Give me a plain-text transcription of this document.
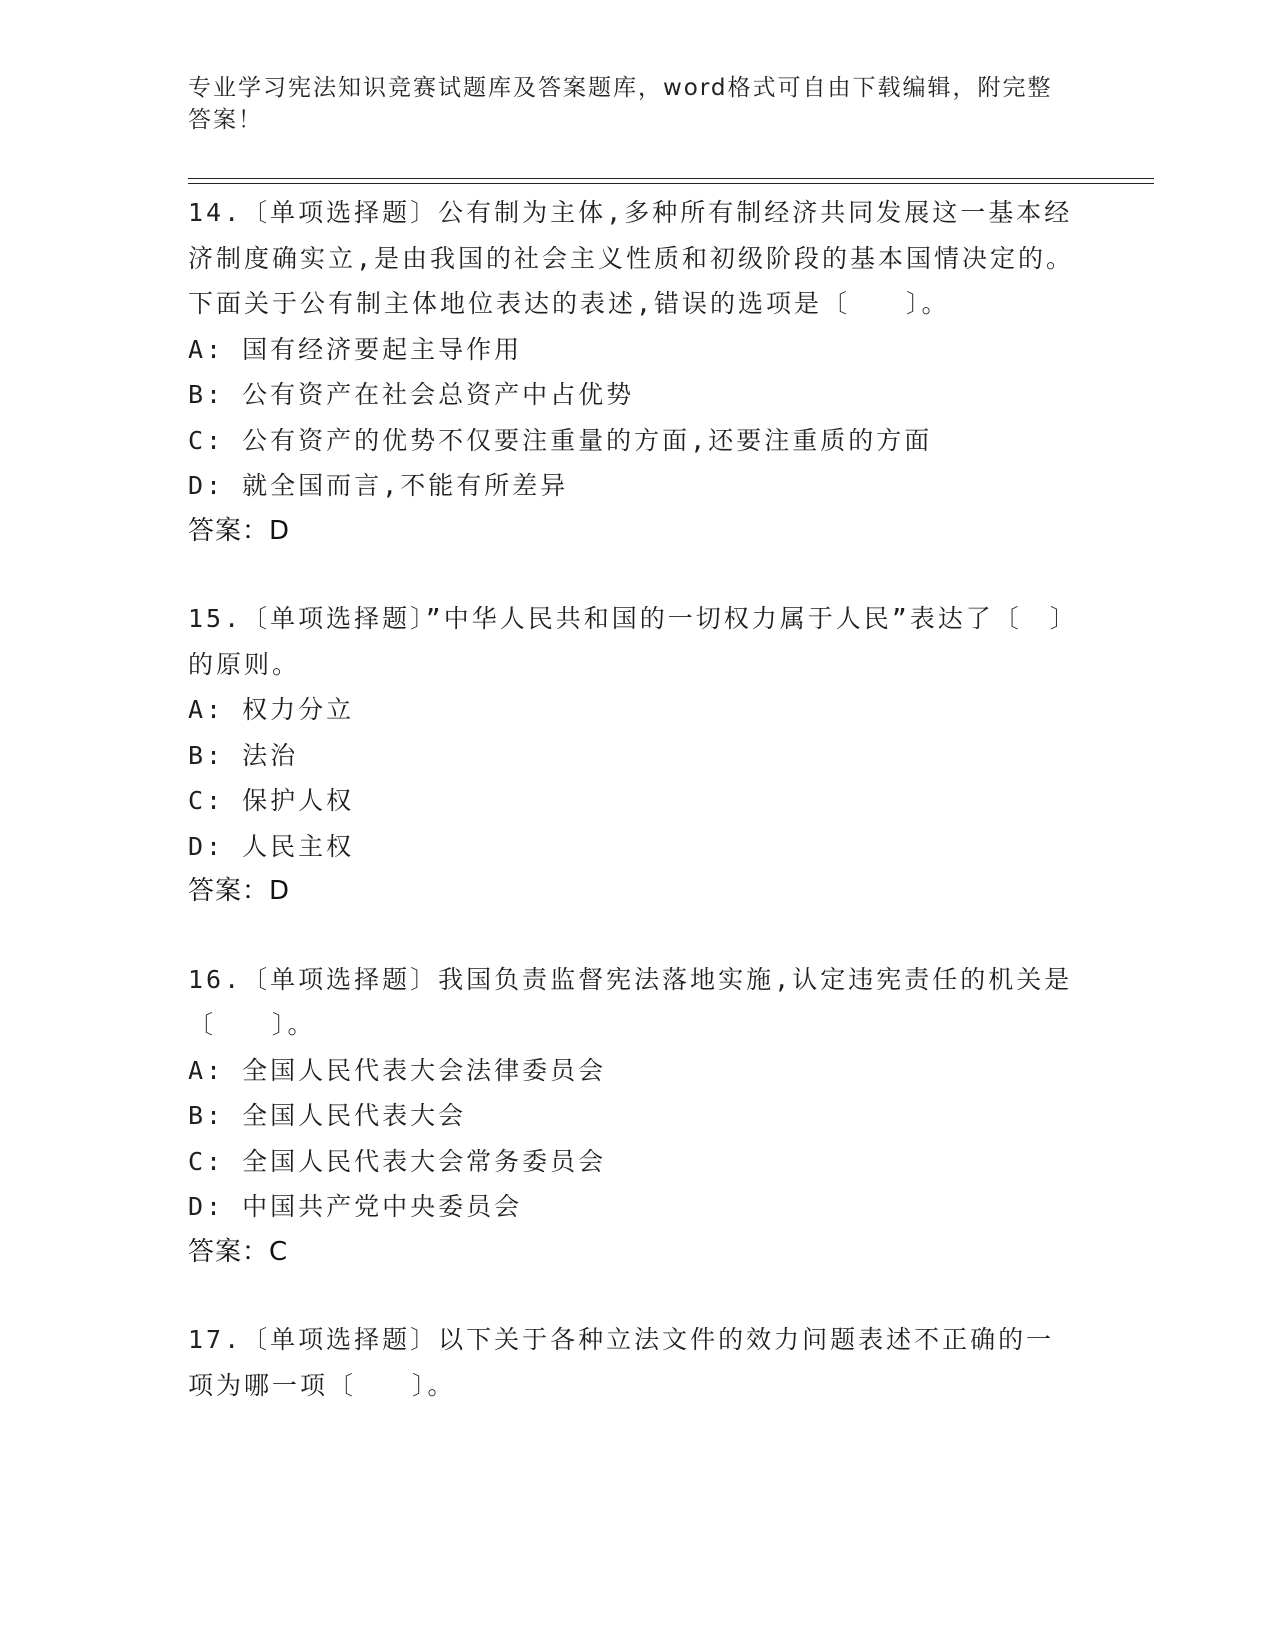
专业学习宪法知识竞赛试题库及答案题库，word格式可自由下载编辑，附完整答案！
14.〔单项选择题〕公有制为主体,多种所有制经济共同发展这一基本经济制度确实立,是由我国的社会主义性质和初级阶段的基本国情决定的。下面关于公有制主体地位表达的表述,错误的选项是〔　　〕。
A: 国有经济要起主导作用
B: 公有资产在社会总资产中占优势
C: 公有资产的优势不仅要注重量的方面,还要注重质的方面
D: 就全国而言,不能有所差异
答案：D
15.〔单项选择题〕”中华人民共和国的一切权力属于人民”表达了〔　〕的原则。
A: 权力分立
B: 法治
C: 保护人权
D: 人民主权
答案：D
16.〔单项选择题〕我国负责监督宪法落地实施,认定违宪责任的机关是〔　　〕。
A: 全国人民代表大会法律委员会
B: 全国人民代表大会
C: 全国人民代表大会常务委员会
D: 中国共产党中央委员会
答案：C
17.〔单项选择题〕以下关于各种立法文件的效力问题表述不正确的一项为哪一项〔　　〕。
